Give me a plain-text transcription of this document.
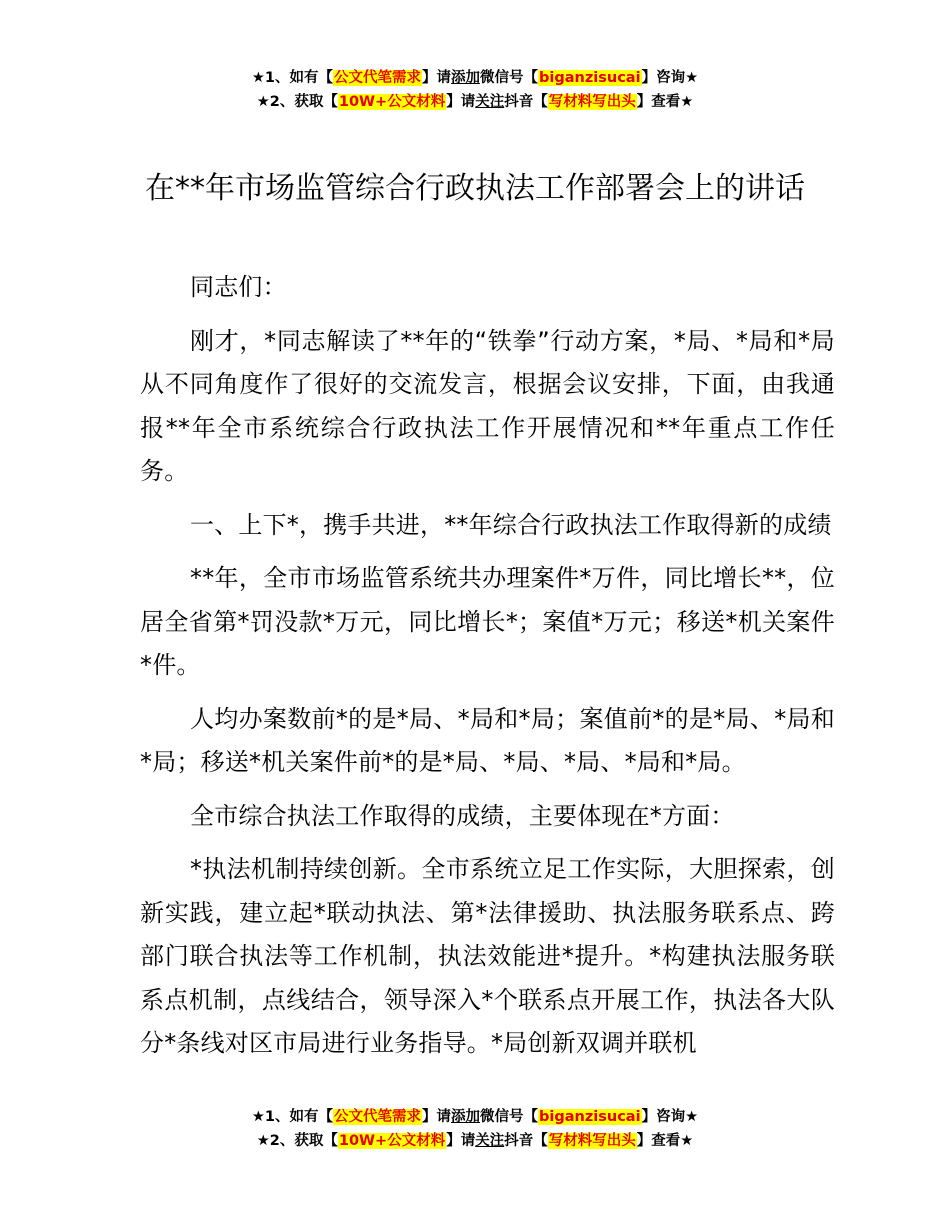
★1、如有【公文代笔需求】请添加微信号【biganzisucai】咨询★
★2、获取【10W+公文材料】请关注抖音【写材料写出头】查看★
在**年市场监管综合行政执法工作部署会上的讲话

同志们：

刚才，*同志解读了**年的“铁拳”行动方案，*局、*局和*局从不同角度作了很好的交流发言，根据会议安排，下面，由我通报**年全市系统综合行政执法工作开展情况和**年重点工作任务。

一、上下*，携手共进，**年综合行政执法工作取得新的成绩

**年，全市市场监管系统共办理案件*万件，同比增长**，位居全省第*罚没款*万元，同比增长*；案值*万元；移送*机关案件*件。

人均办案数前*的是*局、*局和*局；案值前*的是*局、*局和*局；移送*机关案件前*的是*局、*局、*局、*局和*局。

全市综合执法工作取得的成绩，主要体现在*方面：

*执法机制持续创新。全市系统立足工作实际，大胆探索，创新实践，建立起*联动执法、第*法律援助、执法服务联系点、跨部门联合执法等工作机制，执法效能进*提升。*构建执法服务联系点机制，点线结合，领导深入*个联系点开展工作，执法各大队分*条线对区市局进行业务指导。*局创新双调并联机

★1、如有【公文代笔需求】请添加微信号【biganzisucai】咨询★
★2、获取【10W+公文材料】请关注抖音【写材料写出头】查看★
